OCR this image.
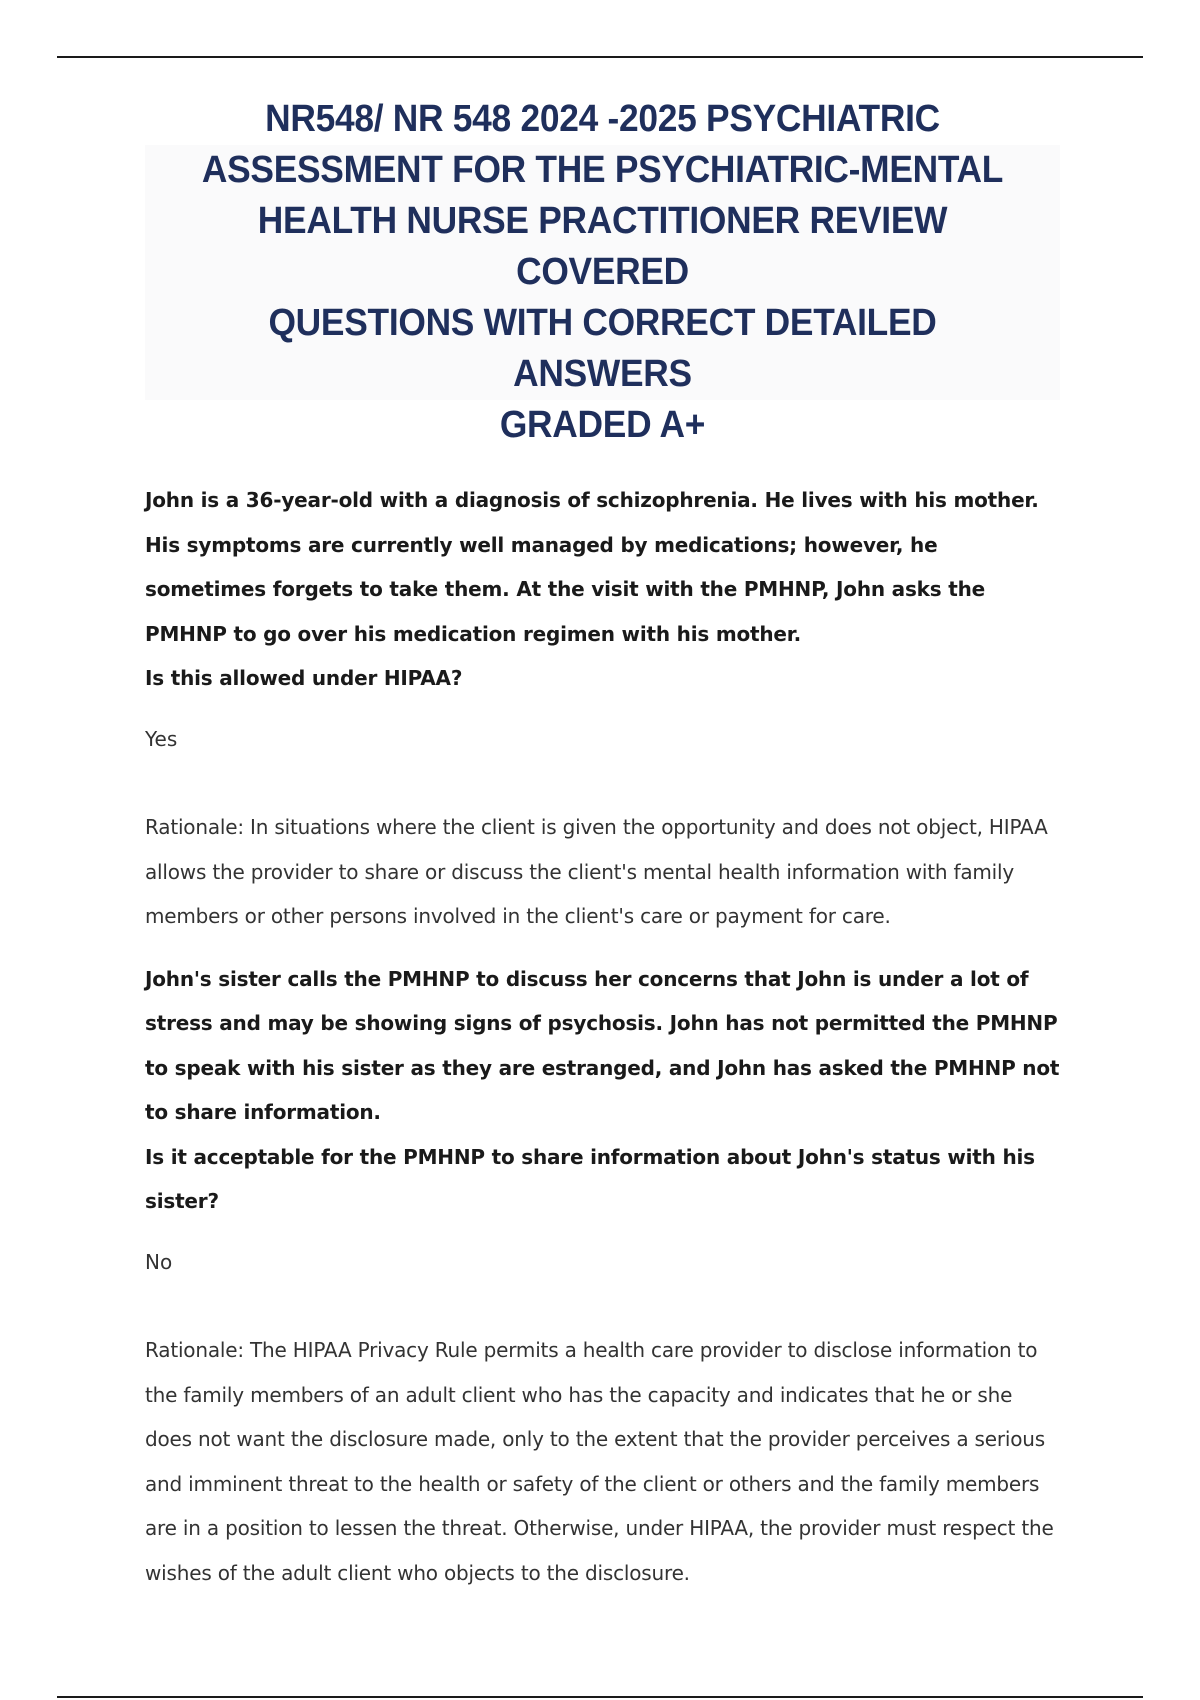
NR548/ NR 548 2024 -2025 PSYCHIATRIC
ASSESSMENT FOR THE PSYCHIATRIC-MENTAL
HEALTH NURSE PRACTITIONER REVIEW COVERED
QUESTIONS WITH CORRECT DETAILED ANSWERS
GRADED A+

John is a 36-year-old with a diagnosis of schizophrenia. He lives with his mother. His symptoms are currently well managed by medications; however, he sometimes forgets to take them. At the visit with the PMHNP, John asks the PMHNP to go over his medication regimen with his mother.
Is this allowed under HIPAA?

Yes

Rationale: In situations where the client is given the opportunity and does not object, HIPAA allows the provider to share or discuss the client's mental health information with family members or other persons involved in the client's care or payment for care.

John's sister calls the PMHNP to discuss her concerns that John is under a lot of stress and may be showing signs of psychosis. John has not permitted the PMHNP to speak with his sister as they are estranged, and John has asked the PMHNP not to share information.
Is it acceptable for the PMHNP to share information about John's status with his sister?

No

Rationale: The HIPAA Privacy Rule permits a health care provider to disclose information to the family members of an adult client who has the capacity and indicates that he or she does not want the disclosure made, only to the extent that the provider perceives a serious and imminent threat to the health or safety of the client or others and the family members are in a position to lessen the threat. Otherwise, under HIPAA, the provider must respect the wishes of the adult client who objects to the disclosure.
